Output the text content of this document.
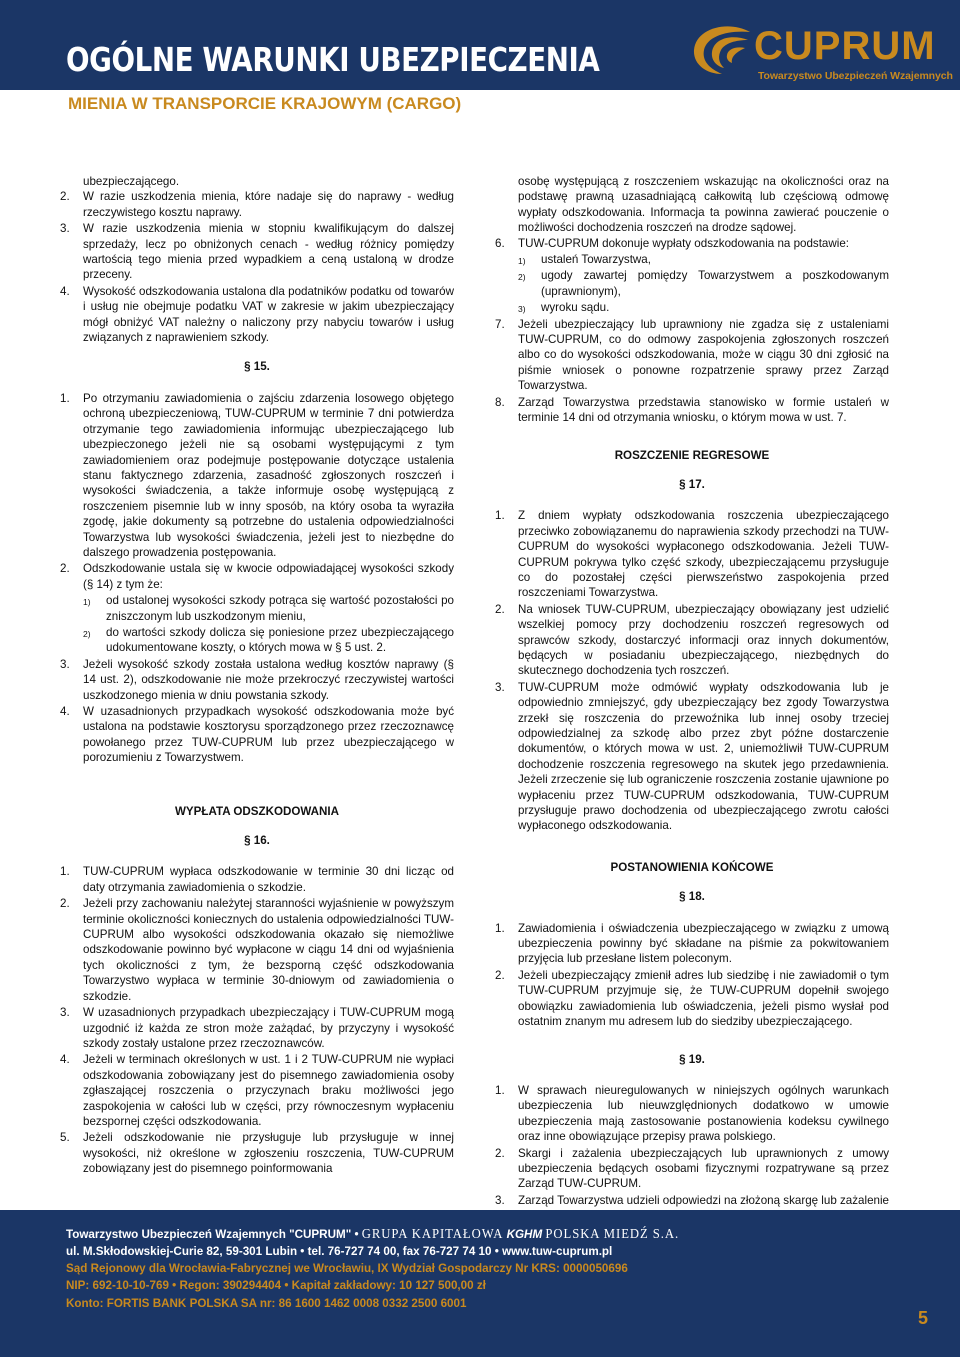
OGÓLNE WARUNKI UBEZPIECZENIA	CUPRUM
Towarzystwo Ubezpieczeń Wzajemnych
MIENIA W TRANSPORCIE KRAJOWYM (CARGO)
ubezpieczającego.
2. W razie uszkodzenia mienia, które nadaje się do naprawy - według rzeczywistego kosztu naprawy.
3. W razie uszkodzenia mienia w stopniu kwalifikującym do dalszej sprzedaży, lecz po obniżonych cenach - według różnicy pomiędzy wartością tego mienia przed wypadkiem a ceną ustaloną w drodze przeceny.
4. Wysokość odszkodowania ustalona dla podatników podatku od towarów i usług nie obejmuje podatku VAT w zakresie w jakim ubezpieczający mógł obniżyć VAT należny o naliczony przy nabyciu towarów i usług związanych z naprawieniem szkody.
§ 15.
1. Po otrzymaniu zawiadomienia o zajściu zdarzenia losowego objętego ochroną ubezpieczeniową, TUW-CUPRUM w terminie 7 dni potwierdza otrzymanie tego zawiadomienia informując ubezpieczającego lub ubezpieczonego jeżeli nie są osobami występującymi z tym zawiadomieniem oraz podejmuje postępowanie dotyczące ustalenia stanu faktycznego zdarzenia, zasadność zgłoszonych roszczeń i wysokości świadczenia, a także informuje osobę występującą z roszczeniem pisemnie lub w inny sposób, na który osoba ta wyraziła zgodę, jakie dokumenty są potrzebne do ustalenia odpowiedzialności Towarzystwa lub wysokości świadczenia, jeżeli jest to niezbędne do dalszego prowadzenia postępowania.
2. Odszkodowanie ustala się w kwocie odpowiadającej wysokości szkody (§ 14) z tym że:
1) od ustalonej wysokości szkody potrąca się wartość pozostałości po zniszczonym lub uszkodzonym mieniu,
2) do wartości szkody dolicza się poniesione przez ubezpieczającego udokumentowane koszty, o których mowa w § 5 ust. 2.
3. Jeżeli wysokość szkody została ustalona według kosztów naprawy (§ 14 ust. 2), odszkodowanie nie może przekroczyć rzeczywistej wartości uszkodzonego mienia w dniu powstania szkody.
4. W uzasadnionych przypadkach wysokość odszkodowania może być ustalona na podstawie kosztorysu sporządzonego przez rzeczoznawcę powołanego przez TUW-CUPRUM lub przez ubezpieczającego w porozumieniu z Towarzystwem.
WYPŁATA ODSZKODOWANIA
§ 16.
1. TUW-CUPRUM wypłaca odszkodowanie w terminie 30 dni licząc od daty otrzymania zawiadomienia o szkodzie.
2. Jeżeli przy zachowaniu należytej staranności wyjaśnienie w powyższym terminie okoliczności koniecznych do ustalenia odpowiedzialności TUW-CUPRUM albo wysokości odszkodowania okazało się niemożliwe odszkodowanie powinno być wypłacone w ciągu 14 dni od wyjaśnienia tych okoliczności z tym, że bezsporną część odszkodowania Towarzystwo wypłaca w terminie 30-dniowym od zawiadomienia o szkodzie.
3. W uzasadnionych przypadkach ubezpieczający i TUW-CUPRUM mogą uzgodnić iż każda ze stron może zażądać, by przyczyny i wysokość szkody zostały ustalone przez rzeczoznawców.
4. Jeżeli w terminach określonych w ust. 1 i 2 TUW-CUPRUM nie wypłaci odszkodowania zobowiązany jest do pisemnego zawiadomienia osoby zgłaszającej roszczenia o przyczynach braku możliwości jego zaspokojenia w całości lub w części, przy równoczesnym wypłaceniu bezspornej części odszkodowania.
5. Jeżeli odszkodowanie nie przysługuje lub przysługuje w innej wysokości, niż określone w zgłoszeniu roszczenia, TUW-CUPRUM zobowiązany jest do pisemnego poinformowania
osobę występującą z roszczeniem wskazując na okoliczności oraz na podstawę prawną uzasadniającą całkowitą lub częściową odmowę wypłaty odszkodowania. Informacja ta powinna zawierać pouczenie o możliwości dochodzenia roszczeń na drodze sądowej.
6. TUW-CUPRUM dokonuje wypłaty odszkodowania na podstawie:
1) ustaleń Towarzystwa,
2) ugody zawartej pomiędzy Towarzystwem a poszkodowanym (uprawnionym),
3) wyroku sądu.
7. Jeżeli ubezpieczający lub uprawniony nie zgadza się z ustaleniami TUW-CUPRUM, co do odmowy zaspokojenia zgłoszonych roszczeń albo co do wysokości odszkodowania, może w ciągu 30 dni zgłosić na piśmie wniosek o ponowne rozpatrzenie sprawy przez Zarząd Towarzystwa.
8. Zarząd Towarzystwa przedstawia stanowisko w formie ustaleń w terminie 14 dni od otrzymania wniosku, o którym mowa w ust. 7.
ROSZCZENIE REGRESOWE
§ 17.
1. Z dniem wypłaty odszkodowania roszczenia ubezpieczającego przeciwko zobowiązanemu do naprawienia szkody przechodzi na TUW-CUPRUM do wysokości wypłaconego odszkodowania. Jeżeli TUW-CUPRUM pokrywa tylko część szkody, ubezpieczającemu przysługuje co do pozostałej części pierwszeństwo zaspokojenia przed roszczeniami Towarzystwa.
2. Na wniosek TUW-CUPRUM, ubezpieczający obowiązany jest udzielić wszelkiej pomocy przy dochodzeniu roszczeń regresowych od sprawców szkody, dostarczyć informacji oraz innych dokumentów, będących w posiadaniu ubezpieczającego, niezbędnych do skutecznego dochodzenia tych roszczeń.
3. TUW-CUPRUM może odmówić wypłaty odszkodowania lub je odpowiednio zmniejszyć, gdy ubezpieczający bez zgody Towarzystwa zrzekł się roszczenia do przewoźnika lub innej osoby trzeciej odpowiedzialnej za szkodę albo przez zbyt późne dostarczenie dokumentów, o których mowa w ust. 2, uniemożliwił TUW-CUPRUM dochodzenie roszczenia regresowego na skutek jego przedawnienia. Jeżeli zrzeczenie się lub ograniczenie roszczenia zostanie ujawnione po wypłaceniu przez TUW-CUPRUM odszkodowania, TUW-CUPRUM przysługuje prawo dochodzenia od ubezpieczającego zwrotu całości wypłaconego odszkodowania.
POSTANOWIENIA KOŃCOWE
§ 18.
1. Zawiadomienia i oświadczenia ubezpieczającego w związku z umową ubezpieczenia powinny być składane na piśmie za pokwitowaniem przyjęcia lub przesłane listem poleconym.
2. Jeżeli ubezpieczający zmienił adres lub siedzibę i nie zawiadomił o tym TUW-CUPRUM przyjmuje się, że TUW-CUPRUM dopełnił swojego obowiązku zawiadomienia lub oświadczenia, jeżeli pismo wysłał pod ostatnim znanym mu adresem lub do siedziby ubezpieczającego.
§ 19.
1. W sprawach nieuregulowanych w niniejszych ogólnych warunkach ubezpieczenia lub nieuwzględnionych dodatkowo w umowie ubezpieczenia mają zastosowanie postanowienia kodeksu cywilnego oraz inne obowiązujące przepisy prawa polskiego.
2. Skargi i zażalenia ubezpieczających lub uprawnionych z umowy ubezpieczenia będących osobami fizycznymi rozpatrywane są przez Zarząd TUW-CUPRUM.
3. Zarząd Towarzystwa udzieli odpowiedzi na złożoną skargę lub zażalenie
Towarzystwo Ubezpieczeń Wzajemnych "CUPRUM" • GRUPA KAPITAŁOWA KGHM POLSKA MIEDŹ S.A.
ul. M.Skłodowskiej-Curie 82, 59-301 Lubin • tel. 76-727 74 00, fax 76-727 74 10 • www.tuw-cuprum.pl
Sąd Rejonowy dla Wrocławia-Fabrycznej we Wrocławiu, IX Wydział Gospodarczy Nr KRS: 0000050696
NIP: 692-10-10-769 • Regon: 390294404 • Kapitał zakładowy: 10 127 500,00 zł
Konto: FORTIS BANK POLSKA SA nr: 86 1600 1462 0008 0332 2500 6001
5
